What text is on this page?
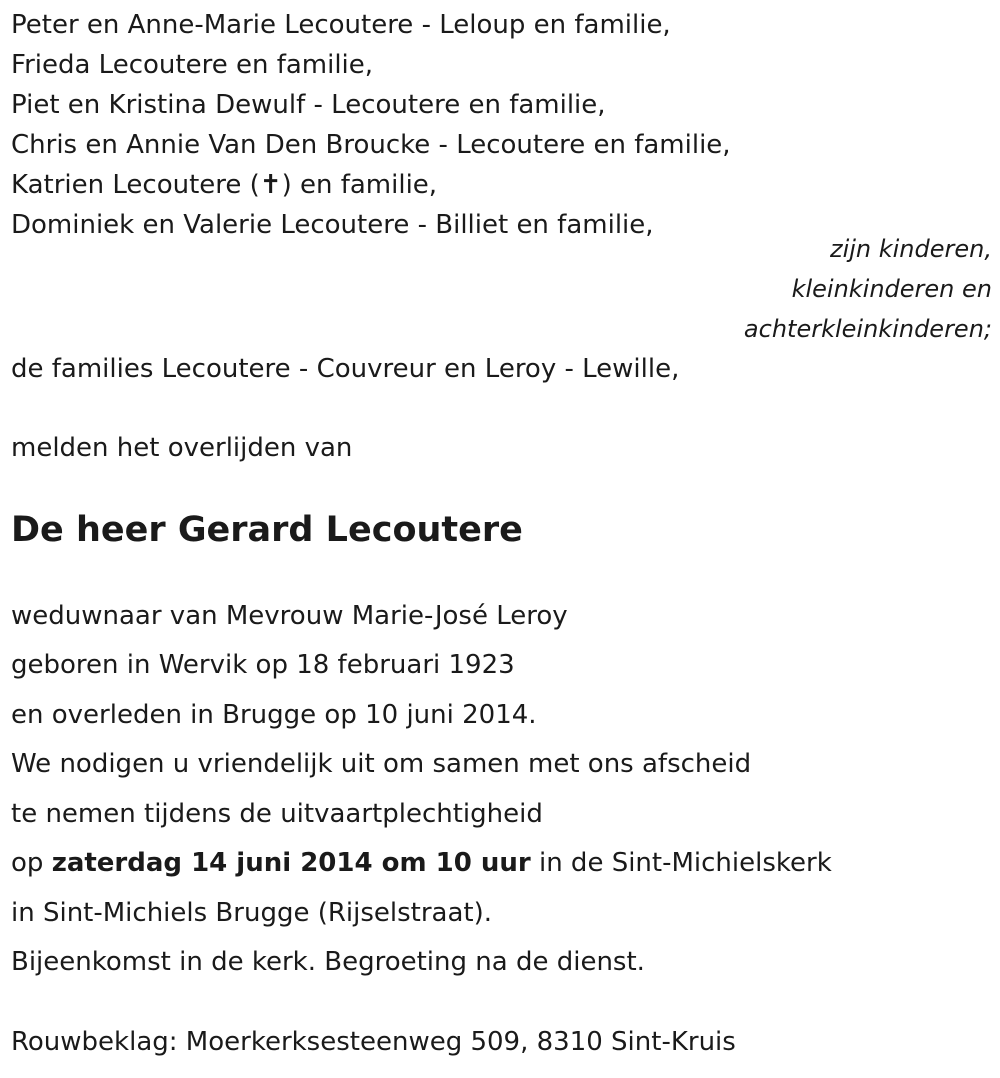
Peter en Anne-Marie Lecoutere - Leloup en familie,

Frieda Lecoutere en familie,

Piet en Kristina Dewulf - Lecoutere en familie,

Chris en Annie Van Den Broucke - Lecoutere en familie,

Katrien Lecoutere (✝) en familie,

Dominiek en Valerie Lecoutere - Billiet en familie,

zijn kinderen,

kleinkinderen en

achterkleinkinderen;

de families Lecoutere - Couvreur en Leroy - Lewille,

melden het overlijden van

De heer Gerard Lecoutere

weduwnaar van Mevrouw Marie-José Leroy

geboren in Wervik op 18 februari 1923

en overleden in Brugge op 10 juni 2014.

We nodigen u vriendelijk uit om samen met ons afscheid

te nemen tijdens de uitvaartplechtigheid

op zaterdag 14 juni 2014 om 10 uur in de Sint-Michielskerk

in Sint-Michiels Brugge (Rijselstraat).

Bijeenkomst in de kerk. Begroeting na de dienst.

Rouwbeklag: Moerkerksesteenweg 509, 8310 Sint-Kruis
